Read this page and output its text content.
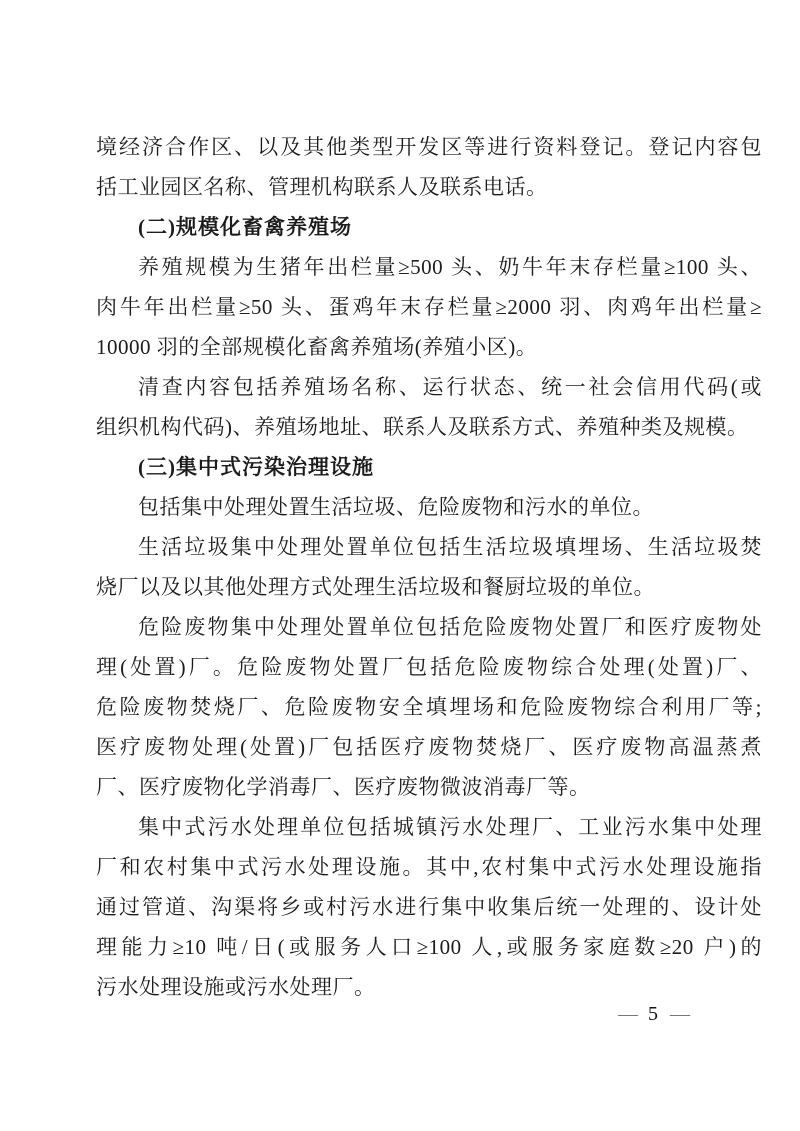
境经济合作区、以及其他类型开发区等进行资料登记。登记内容包
括工业园区名称、管理机构联系人及联系电话。
(二)规模化畜禽养殖场
养殖规模为生猪年出栏量≥500 头、奶牛年末存栏量≥100 头、
肉牛年出栏量≥50 头、蛋鸡年末存栏量≥2000 羽、肉鸡年出栏量≥
10000 羽的全部规模化畜禽养殖场(养殖小区)。
清查内容包括养殖场名称、运行状态、统一社会信用代码(或
组织机构代码)、养殖场地址、联系人及联系方式、养殖种类及规模。
(三)集中式污染治理设施
包括集中处理处置生活垃圾、危险废物和污水的单位。
生活垃圾集中处理处置单位包括生活垃圾填埋场、生活垃圾焚
烧厂以及以其他处理方式处理生活垃圾和餐厨垃圾的单位。
危险废物集中处理处置单位包括危险废物处置厂和医疗废物处
理(处置)厂。危险废物处置厂包括危险废物综合处理(处置)厂、
危险废物焚烧厂、危险废物安全填埋场和危险废物综合利用厂等;
医疗废物处理(处置)厂包括医疗废物焚烧厂、医疗废物高温蒸煮
厂、医疗废物化学消毒厂、医疗废物微波消毒厂等。
集中式污水处理单位包括城镇污水处理厂、工业污水集中处理
厂和农村集中式污水处理设施。其中,农村集中式污水处理设施指
通过管道、沟渠将乡或村污水进行集中收集后统一处理的、设计处
理能力≥10 吨/日(或服务人口≥100 人,或服务家庭数≥20 户)的
污水处理设施或污水处理厂。
— 5 —
